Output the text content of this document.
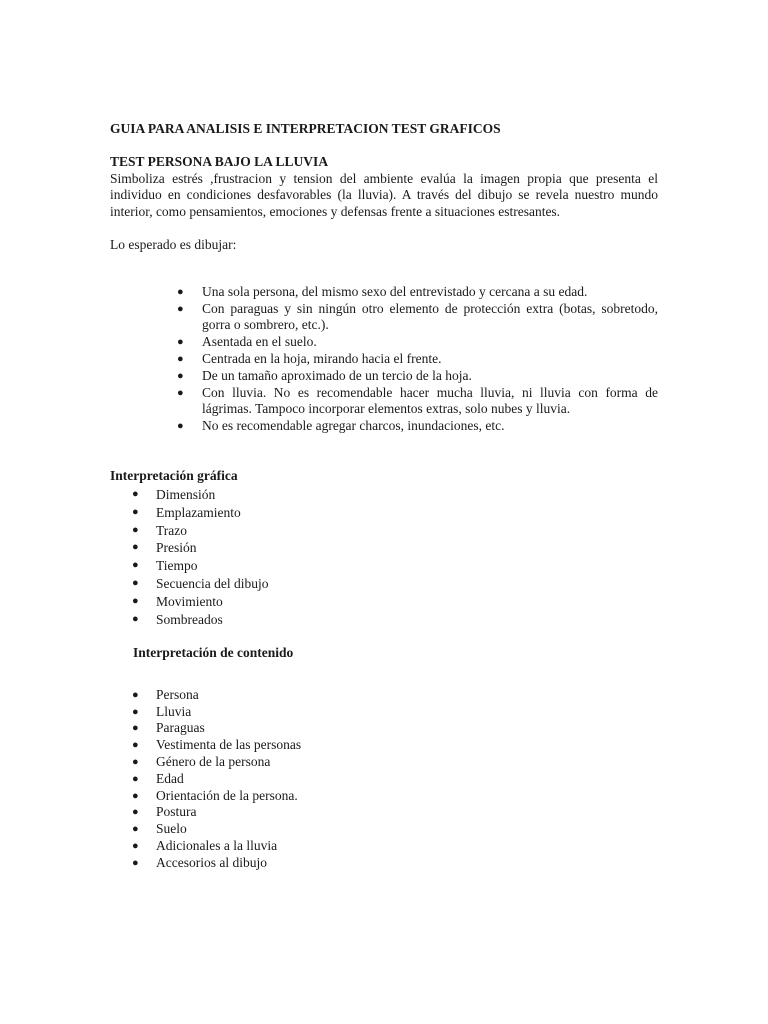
GUIA PARA ANALISIS E INTERPRETACION TEST GRAFICOS

TEST PERSONA BAJO LA LLUVIA

Simboliza estrés ,frustracion y tension del ambiente evalúa la imagen propia que presenta el individuo en condiciones desfavorables (la lluvia). A través del dibujo se revela nuestro mundo interior, como pensamientos, emociones y defensas frente a situaciones estresantes.

Lo esperado es dibujar:

● Una sola persona, del mismo sexo del entrevistado y cercana a su edad.
● Con paraguas y sin ningún otro elemento de protección extra (botas, sobretodo, gorra o sombrero, etc.).
● Asentada en el suelo.
● Centrada en la hoja, mirando hacia el frente.
● De un tamaño aproximado de un tercio de la hoja.
● Con lluvia. No es recomendable hacer mucha lluvia, ni lluvia con forma de lágrimas. Tampoco incorporar elementos extras, solo nubes y lluvia.
● No es recomendable agregar charcos, inundaciones, etc.

Interpretación gráfica

● Dimensión
● Emplazamiento
● Trazo
● Presión
● Tiempo
● Secuencia del dibujo
● Movimiento
● Sombreados

Interpretación de contenido

● Persona
● Lluvia
● Paraguas
● Vestimenta de las personas
● Género de la persona
● Edad
● Orientación de la persona.
● Postura
● Suelo
● Adicionales a la lluvia
● Accesorios al dibujo
